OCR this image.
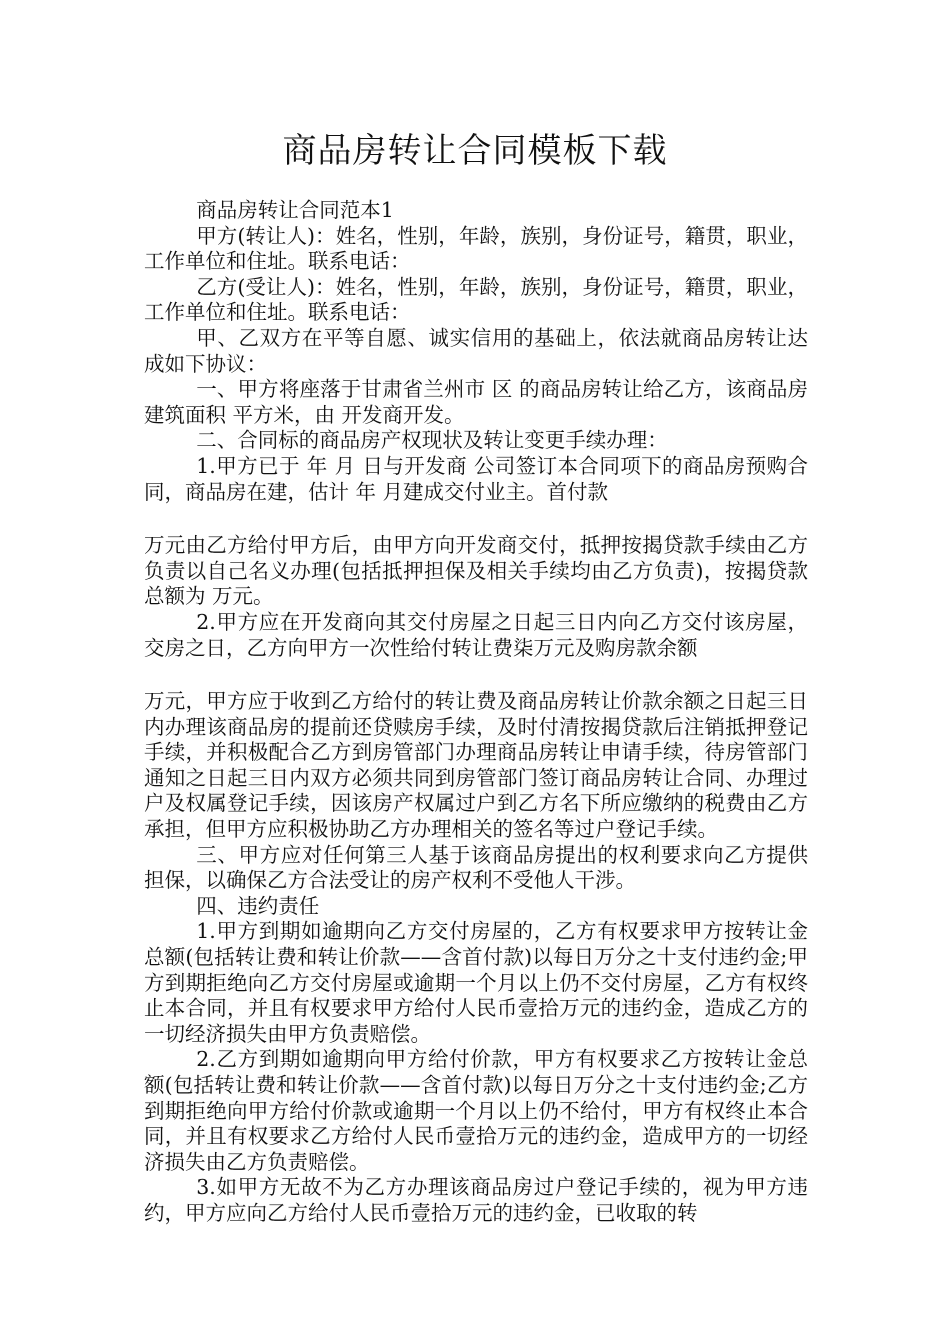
商品房转让合同模板下载

商品房转让合同范本1

甲方(转让人)：姓名，性别，年龄，族别，身份证号，籍贯，职业，工作单位和住址。联系电话：

乙方(受让人)：姓名，性别，年龄，族别，身份证号，籍贯，职业，工作单位和住址。联系电话：

甲、乙双方在平等自愿、诚实信用的基础上，依法就商品房转让达成如下协议：

一、甲方将座落于甘肃省兰州市 区 的商品房转让给乙方，该商品房建筑面积 平方米，由 开发商开发。

二、合同标的商品房产权现状及转让变更手续办理：

1.甲方已于 年 月 日与开发商 公司签订本合同项下的商品房预购合同，商品房在建，估计 年 月建成交付业主。首付款

万元由乙方给付甲方后，由甲方向开发商交付，抵押按揭贷款手续由乙方负责以自己名义办理(包括抵押担保及相关手续均由乙方负责)，按揭贷款总额为 万元。

2.甲方应在开发商向其交付房屋之日起三日内向乙方交付该房屋，交房之日，乙方向甲方一次性给付转让费柒万元及购房款余额

万元，甲方应于收到乙方给付的转让费及商品房转让价款余额之日起三日内办理该商品房的提前还贷赎房手续，及时付清按揭贷款后注销抵押登记手续，并积极配合乙方到房管部门办理商品房转让申请手续，待房管部门通知之日起三日内双方必须共同到房管部门签订商品房转让合同、办理过户及权属登记手续，因该房产权属过户到乙方名下所应缴纳的税费由乙方承担，但甲方应积极协助乙方办理相关的签名等过户登记手续。

三、甲方应对任何第三人基于该商品房提出的权利要求向乙方提供担保，以确保乙方合法受让的房产权利不受他人干涉。

四、违约责任

1.甲方到期如逾期向乙方交付房屋的，乙方有权要求甲方按转让金总额(包括转让费和转让价款——含首付款)以每日万分之十支付违约金;甲方到期拒绝向乙方交付房屋或逾期一个月以上仍不交付房屋，乙方有权终止本合同，并且有权要求甲方给付人民币壹拾万元的违约金，造成乙方的一切经济损失由甲方负责赔偿。

2.乙方到期如逾期向甲方给付价款，甲方有权要求乙方按转让金总额(包括转让费和转让价款——含首付款)以每日万分之十支付违约金;乙方到期拒绝向甲方给付价款或逾期一个月以上仍不给付，甲方有权终止本合同，并且有权要求乙方给付人民币壹拾万元的违约金，造成甲方的一切经济损失由乙方负责赔偿。

3.如甲方无故不为乙方办理该商品房过户登记手续的，视为甲方违约，甲方应向乙方给付人民币壹拾万元的违约金，已收取的转
